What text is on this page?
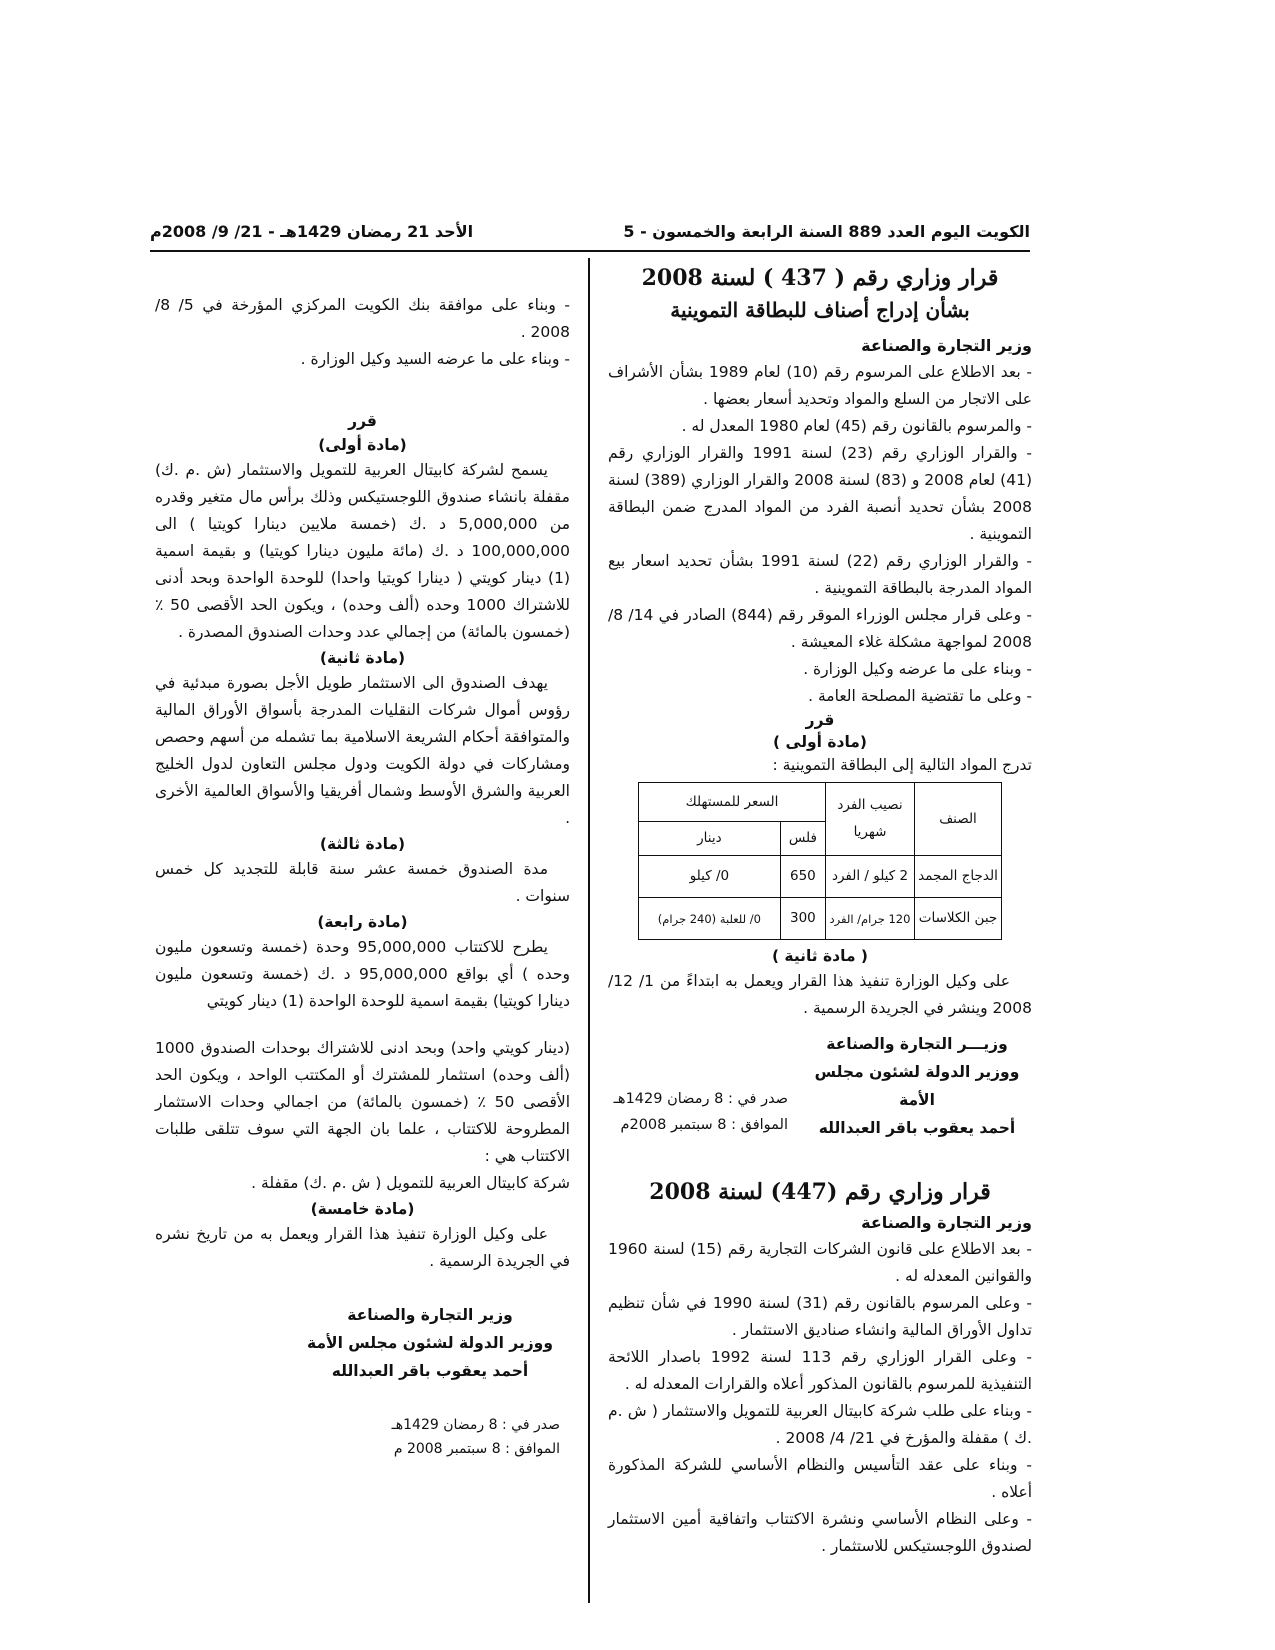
الكويت اليوم العدد 889 السنة الرابعة والخمسون - 5
الأحد 21 رمضان 1429هـ - 21/ 9/ 2008م
قرار وزاري رقم ( 437 ) لسنة 2008
بشأن إدراج أصناف للبطاقة التموينية
وزير التجارة والصناعة

- بعد الاطلاع على المرسوم رقم (10) لعام 1989 بشأن الأشراف على الاتجار من السلع والمواد وتحديد أسعار بعضها .

- والمرسوم بالقانون رقم (45) لعام 1980 المعدل له .

- والقرار الوزاري رقم (23) لسنة 1991 والقرار الوزاري رقم (41) لعام 2008 و (83) لسنة 2008 والقرار الوزاري (389) لسنة 2008 بشأن تحديد أنصبة الفرد من المواد المدرج ضمن البطاقة التموينية .

- والقرار الوزاري رقم (22) لسنة 1991 بشأن تحديد اسعار بيع المواد المدرجة بالبطاقة التموينية .

- وعلى قرار مجلس الوزراء الموقر رقم (844) الصادر في 14/ 8/ 2008 لمواجهة مشكلة غلاء المعيشة .

- وبناء على ما عرضه وكيل الوزارة .

- وعلى ما تقتضية المصلحة العامة .

قرر
(مادة أولى )

تدرج المواد التالية إلى البطاقة التموينية :

الصنف	نصيب الفرد شهريا	السعر للمستهلك	
		فلس	دينار
الدجاج المجمد	2 كيلو / الفرد	650	0/ كيلو
جبن الكلاسات	120 جرام/ الفرد	300	0/ للعلبة (240 جرام)
( مادة ثانية )

على وكيل الوزارة تنفيذ هذا القرار ويعمل به ابتداءً من 1/ 12/ 2008 وينشر في الجريدة الرسمية .

وزيـــر التجارة والصناعة
ووزير الدولة لشئون مجلس الأمة
أحمد يعقوب باقر العبدالله
صدر في : 8 رمضان 1429هـ
الموافق : 8 سبتمبر 2008م
قرار وزاري رقم (447) لسنة 2008
وزير التجارة والصناعة

- بعد الاطلاع على قانون الشركات التجارية رقم (15) لسنة 1960 والقوانين المعدله له .

- وعلى المرسوم بالقانون رقم (31) لسنة 1990 في شأن تنظيم تداول الأوراق المالية وانشاء صناديق الاستثمار .

- وعلى القرار الوزاري رقم 113 لسنة 1992 باصدار اللائحة التنفيذية للمرسوم بالقانون المذكور أعلاه والقرارات المعدله له .

- وبناء على طلب شركة كابيتال العربية للتمويل والاستثمار ( ش .م .ك ) مقفلة والمؤرخ في 21/ 4/ 2008 .

- وبناء على عقد التأسيس والنظام الأساسي للشركة المذكورة أعلاه .

- وعلى النظام الأساسي ونشرة الاكتتاب واتفاقية أمين الاستثمار لصندوق اللوجستيكس للاستثمار .

- وبناء على موافقة بنك الكويت المركزي المؤرخة في 5/ 8/ 2008 .

- وبناء على ما عرضه السيد وكيل الوزارة .

قرر
(مادة أولى)

يسمح لشركة كابيتال العربية للتمويل والاستثمار (ش .م .ك) مقفلة بانشاء صندوق اللوجستيكس وذلك برأس مال متغير وقدره من 5,000,000 د .ك (خمسة ملايين دينارا كويتيا ) الى 100,000,000 د .ك (مائة مليون دينارا كويتيا) و بقيمة اسمية (1) دينار كويتي ( دينارا كويتيا واحدا) للوحدة الواحدة وبحد أدنى للاشتراك 1000 وحده (ألف وحده) ، ويكون الحد الأقصى 50 ٪ (خمسون بالمائة) من إجمالي عدد وحدات الصندوق المصدرة .

(مادة ثانية)

يهدف الصندوق الى الاستثمار طويل الأجل بصورة مبدئية في رؤوس أموال شركات النقليات المدرجة بأسواق الأوراق المالية والمتوافقة أحكام الشريعة الاسلامية بما تشمله من أسهم وحصص ومشاركات في دولة الكويت ودول مجلس التعاون لدول الخليج العربية والشرق الأوسط وشمال أفريقيا والأسواق العالمية الأخرى .

(مادة ثالثة)

مدة الصندوق خمسة عشر سنة قابلة للتجديد كل خمس سنوات .

(مادة رابعة)

يطرح للاكتتاب 95,000,000 وحدة (خمسة وتسعون مليون وحده ) أي بواقع 95,000,000 د .ك (خمسة وتسعون مليون دينارا كويتيا) بقيمة اسمية للوحدة الواحدة (1) دينار كويتي

(دينار كويتي واحد) وبحد ادنى للاشتراك بوحدات الصندوق 1000 (ألف وحده) استثمار للمشترك أو المكتتب الواحد ، ويكون الحد الأقصى 50 ٪ (خمسون بالمائة) من اجمالي وحدات الاستثمار المطروحة للاكتتاب ، علما بان الجهة التي سوف تتلقى طلبات الاكتتاب هي :

شركة كابيتال العربية للتمويل ( ش .م .ك) مقفلة .

(مادة خامسة)

على وكيل الوزارة تنفيذ هذا القرار ويعمل به من تاريخ نشره في الجريدة الرسمية .

وزير التجارة والصناعة
ووزير الدولة لشئون مجلس الأمة
أحمد يعقوب باقر العبدالله
صدر في : 8 رمضان 1429هـ
الموافق : 8 سبتمبر 2008 م
